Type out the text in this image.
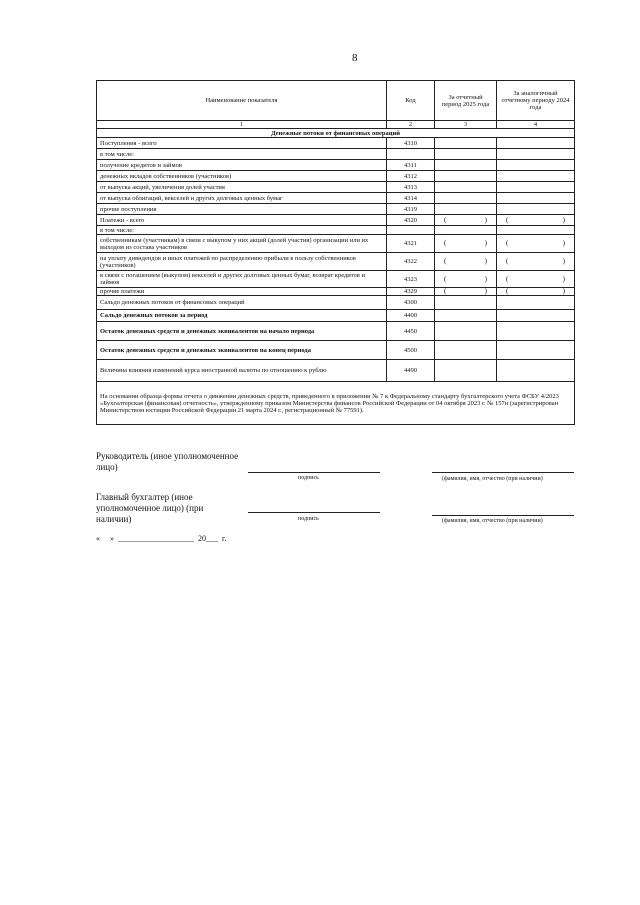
8
Наименование показателя	Код	За отчетный период 2025 года	За аналогичный отчетному периоду 2024 года
1	2	3	4
Денежные потоки от финансовых операций			
Поступления - всего	4310		
в том числе:			
получение кредитов и займов	4311		
денежных вкладов собственников (участников)	4312		
от выпуска акций, увеличения долей участия	4313		
от выпуска облигаций, векселей и других долговых ценных бумаг	4314		
прочие поступления	4319		
Платежи - всего	4320	( )	( )

в том числе:			
собственникам (участникам) в связи с выкупом у них акций (долей участия) организации или их выходом из состава участников	4321	( )	( )

на уплату дивидендов и иных платежей по распределению прибыли в пользу собственников (участников)	4322	( )	( )

в связи с погашением (выкупом) векселей и других долговых ценных бумаг, возврат кредитов и займов	4323	( )	( )

прочие платежи	4329	( )	( )

Сальдо денежных потоков от финансовых операций	4300		
Сальдо денежных потоков за период	4400		
Остаток денежных средств и денежных эквивалентов на начало периода	4450		
Остаток денежных средств и денежных эквивалентов на конец периода	4500		
Величина влияния изменений курса иностранной валюты по отношению к рублю	4490		
На основании образца формы отчета о движении денежных средств, приведенного в приложении № 7 к Федеральному стандарту бухгалтерского учета ФСБУ 4/2023 «Бухгалтерская (финансовая) отчетность», утвержденному приказом Министерства финансов Российской Федерации от 04 октября 2023 г. № 157н (зарегистрирован Министерством юстиции Российской Федерации 21 марта 2024 г., регистрационный № 77591).			
Руководитель (иное уполномоченное лицо)
подпись	(фамилия, имя, отчество (при наличии)
Главный бухгалтер (иное уполномоченное лицо) (при наличии)	подпись	(фамилия, имя, отчество (при наличии)
«     »  ___________________  20___  г.
